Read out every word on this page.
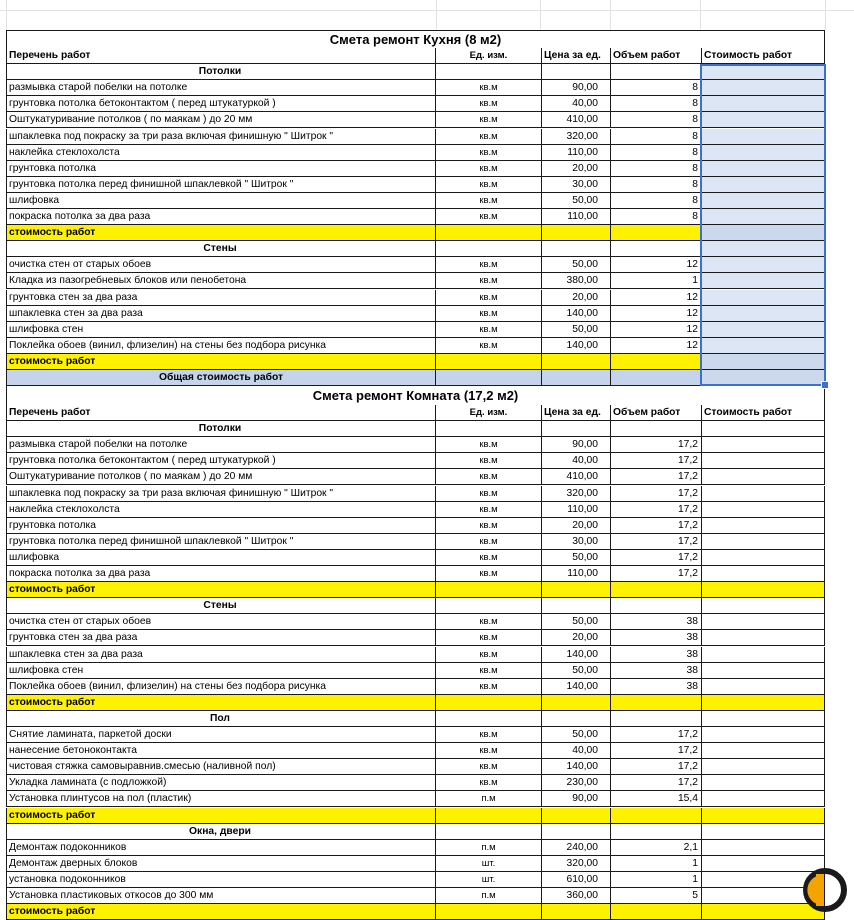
Смета ремонт Кухня (8 м2)
Перечень работ	Ед. изм.	Цена за ед.	Объем работ	Стоимость работ
Потолки
размывка старой побелки на потолке	кв.м	90,00	8
грунтовка потолка бетоконтактом ( перед штукатуркой )	кв.м	40,00	8
Оштукатуривание потолков ( по маякам ) до 20 мм	кв.м	410,00	8
шпаклевка под покраску за три раза включая финишную " Шитрок "	кв.м	320,00	8
наклейка стеклохолста	кв.м	110,00	8
грунтовка потолка	кв.м	20,00	8
грунтовка потолка перед финишной шпаклевкой " Шитрок "	кв.м	30,00	8
шлифовка	кв.м	50,00	8
покраска потолка за два раза	кв.м	110,00	8
стоимость работ
Стены
очистка стен от старых обоев	кв.м	50,00	12
Кладка из пазогребневых блоков или пенобетона	кв.м	380,00	1
грунтовка стен за два раза	кв.м	20,00	12
шпаклевка стен за два раза	кв.м	140,00	12
шлифовка стен	кв.м	50,00	12
Поклейка обоев (винил, флизелин) на стены без подбора рисунка	кв.м	140,00	12
стоимость работ
Общая стоимость работ
Смета ремонт Комната (17,2 м2)
Перечень работ	Ед. изм.	Цена за ед.	Объем работ	Стоимость работ
Потолки
размывка старой побелки на потолке	кв.м	90,00	17,2
грунтовка потолка бетоконтактом ( перед штукатуркой )	кв.м	40,00	17,2
Оштукатуривание потолков ( по маякам ) до 20 мм	кв.м	410,00	17,2
шпаклевка под покраску за три раза включая финишную " Шитрок "	кв.м	320,00	17,2
наклейка стеклохолста	кв.м	110,00	17,2
грунтовка потолка	кв.м	20,00	17,2
грунтовка потолка перед финишной шпаклевкой " Шитрок "	кв.м	30,00	17,2
шлифовка	кв.м	50,00	17,2
покраска потолка за два раза	кв.м	110,00	17,2
стоимость работ
Стены
очистка стен от старых обоев	кв.м	50,00	38
грунтовка стен за два раза	кв.м	20,00	38
шпаклевка стен за два раза	кв.м	140,00	38
шлифовка стен	кв.м	50,00	38
Поклейка обоев (винил, флизелин) на стены без подбора рисунка	кв.м	140,00	38
стоимость работ
Пол
Снятие ламината, паркетой доски	кв.м	50,00	17,2
нанесение бетоноконтакта	кв.м	40,00	17,2
чистовая стяжка самовыравнив.смесью (наливной пол)	кв.м	140,00	17,2
Укладка ламината (с подложкой)	кв.м	230,00	17,2
Установка плинтусов на пол (пластик)	п.м	90,00	15,4
стоимость работ
Окна, двери
Демонтаж подоконников	п.м	240,00	2,1
Демонтаж дверных блоков	шт.	320,00	1
установка подоконников	шт.	610,00	1
Установка пластиковых откосов до 300 мм	п.м	360,00	5
стоимость работ
